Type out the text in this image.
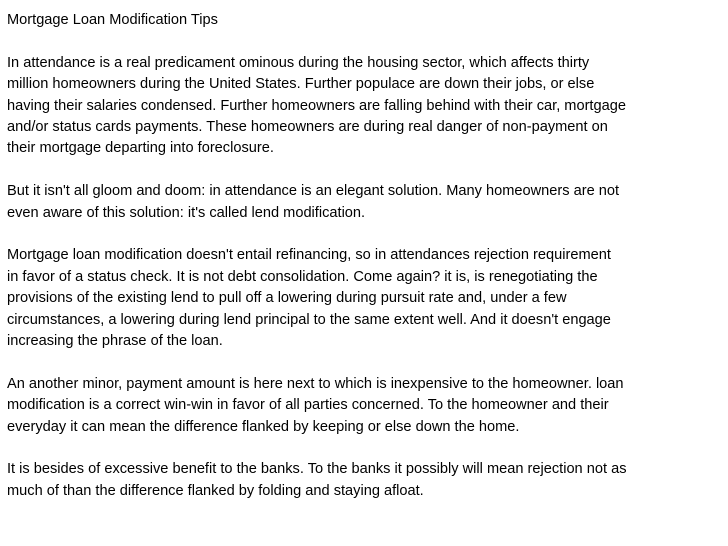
Mortgage Loan Modification Tips

In attendance is a real predicament ominous during the housing sector, which affects thirty
million homeowners during the United States. Further populace are down their jobs, or else
having their salaries condensed. Further homeowners are falling behind with their car, mortgage
and/or status cards payments. These homeowners are during real danger of non-payment on
their mortgage departing into foreclosure.

But it isn't all gloom and doom: in attendance is an elegant solution. Many homeowners are not
even aware of this solution: it's called lend modification.

Mortgage loan modification doesn't entail refinancing, so in attendances rejection requirement
in favor of a status check. It is not debt consolidation. Come again? it is, is renegotiating the
provisions of the existing lend to pull off a lowering during pursuit rate and, under a few
circumstances, a lowering during lend principal to the same extent well. And it doesn't engage
increasing the phrase of the loan.

An another minor, payment amount is here next to which is inexpensive to the homeowner. loan
modification is a correct win-win in favor of all parties concerned. To the homeowner and their
everyday it can mean the difference flanked by keeping or else down the home.

It is besides of excessive benefit to the banks. To the banks it possibly will mean rejection not as
much of than the difference flanked by folding and staying afloat.
